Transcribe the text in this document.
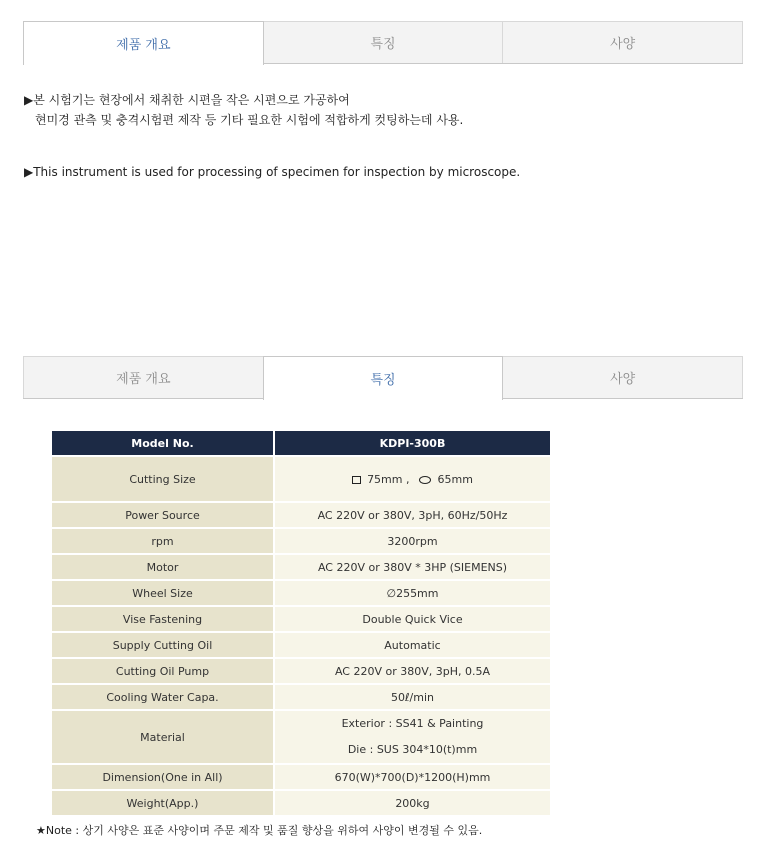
제품 개요	특징	사양
▶본 시험기는 현장에서 채취한 시편을 작은 시편으로 가공하여
현미경 관측 및 충격시험편 제작 등 기타 필요한 시험에 적합하게 컷팅하는데 사용.
▶This instrument is used for processing of specimen for inspection by microscope.
제품 개요	특징	사양
Model No.	KDPI-300B
Cutting Size	75mm , 65mm
Power Source	AC 220V or 380V, 3pH, 60Hz/50Hz
rpm	3200rpm
Motor	AC 220V or 380V * 3HP (SIEMENS)
Wheel Size	∅255mm
Vise Fastening	Double Quick Vice
Supply Cutting Oil	Automatic
Cutting Oil Pump	AC 220V or 380V, 3pH, 0.5A
Cooling Water Capa.	50ℓ/min
Material	Exterior : SS41 & Painting
Die : SUS 304*10(t)mm

Dimension(One in All)	670(W)*700(D)*1200(H)mm
Weight(App.)	200kg
★Note : 상기 사양은 표준 사양이며 주문 제작 및 품질 향상을 위하여 사양이 변경될 수 있음.
